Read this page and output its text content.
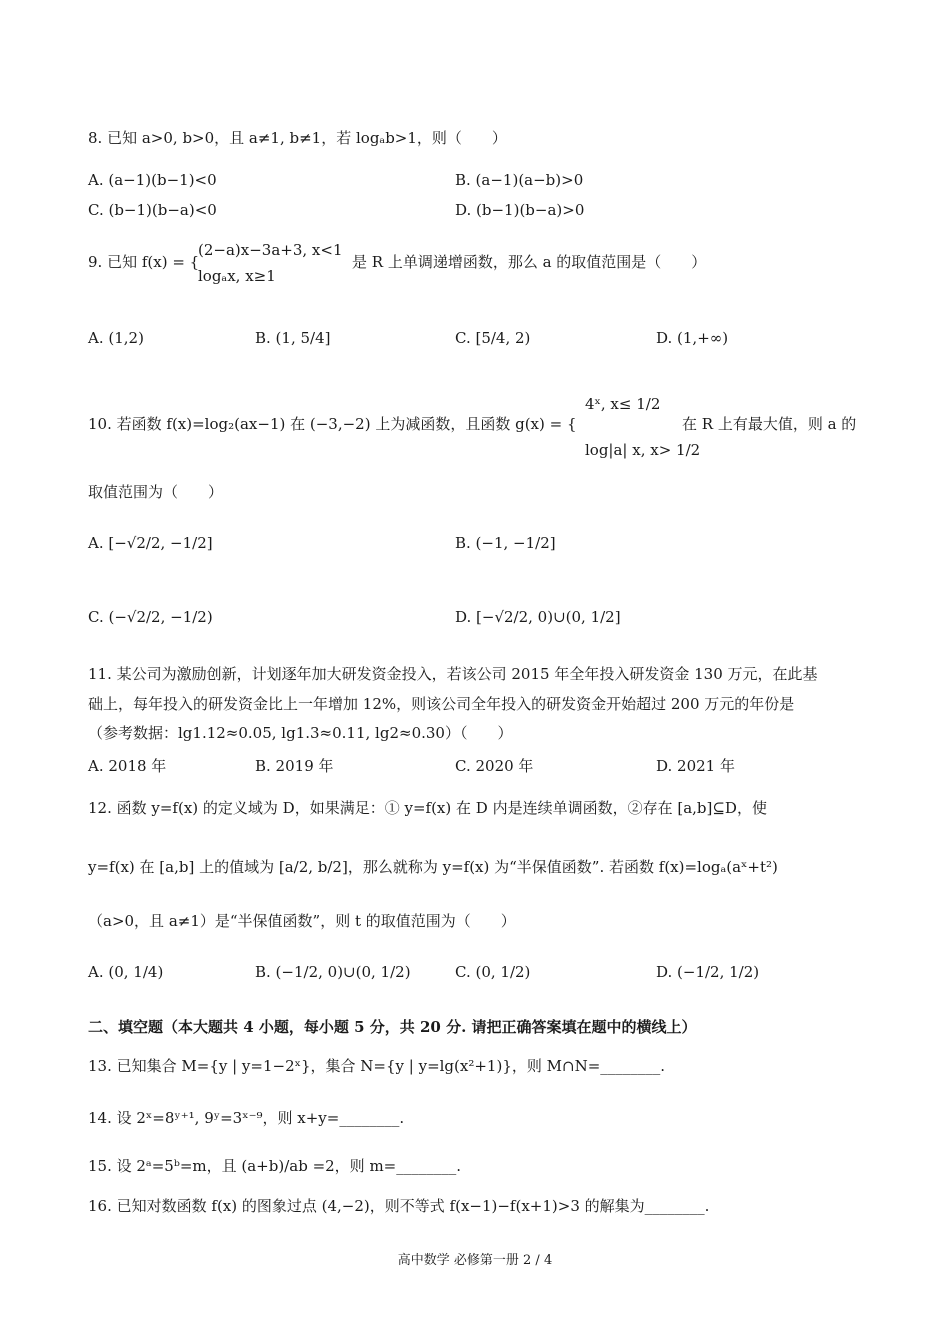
8. 已知 a>0, b>0，且 a≠1, b≠1，若 logₐb>1，则（　　）
A. (a−1)(b−1)<0	B. (a−1)(a−b)>0
C. (b−1)(b−a)<0	D. (b−1)(b−a)>0
9. 已知 f(x) = {
(2−a)x−3a+3, x<1
logₐx, x≥1
是 R 上单调递增函数，那么 a 的取值范围是（　　）
A. (1,2)	B. (1, 5/4]	C. [5/4, 2)	D. (1,+∞)
10. 若函数 f(x)=log₂(ax−1) 在 (−3,−2) 上为减函数，且函数 g(x) = {
4ˣ, x≤ 1/2
log|a| x, x> 1/2
在 R 上有最大值，则 a 的
取值范围为（　　）
A. [−√2/2, −1/2]	B. (−1, −1/2]
C. (−√2/2, −1/2)	D. [−√2/2, 0)∪(0, 1/2]
11. 某公司为激励创新，计划逐年加大研发资金投入，若该公司 2015 年全年投入研发资金 130 万元，在此基
础上，每年投入的研发资金比上一年增加 12%，则该公司全年投入的研发资金开始超过 200 万元的年份是
（参考数据：lg1.12≈0.05, lg1.3≈0.11, lg2≈0.30）（　　）
A. 2018 年	B. 2019 年	C. 2020 年	D. 2021 年
12. 函数 y=f(x) 的定义域为 D，如果满足：① y=f(x) 在 D 内是连续单调函数，②存在 [a,b]⊆D，使
y=f(x) 在 [a,b] 上的值域为 [a/2, b/2]，那么就称为 y=f(x) 为“半保值函数”. 若函数 f(x)=logₐ(aˣ+t²)
（a>0，且 a≠1）是“半保值函数”，则 t 的取值范围为（　　）
A. (0, 1/4)	B. (−1/2, 0)∪(0, 1/2)	C. (0, 1/2)	D. (−1/2, 1/2)
二、填空题（本大题共 4 小题，每小题 5 分，共 20 分. 请把正确答案填在题中的横线上）
13. 已知集合 M={y | y=1−2ˣ}，集合 N={y | y=lg(x²+1)}，则 M∩N=________.
14. 设 2ˣ=8ʸ⁺¹, 9ʸ=3ˣ⁻⁹，则 x+y=________.
15. 设 2ᵃ=5ᵇ=m，且 (a+b)/ab =2，则 m=________.
16. 已知对数函数 f(x) 的图象过点 (4,−2)，则不等式 f(x−1)−f(x+1)>3 的解集为________.
高中数学 必修第一册 2 / 4
